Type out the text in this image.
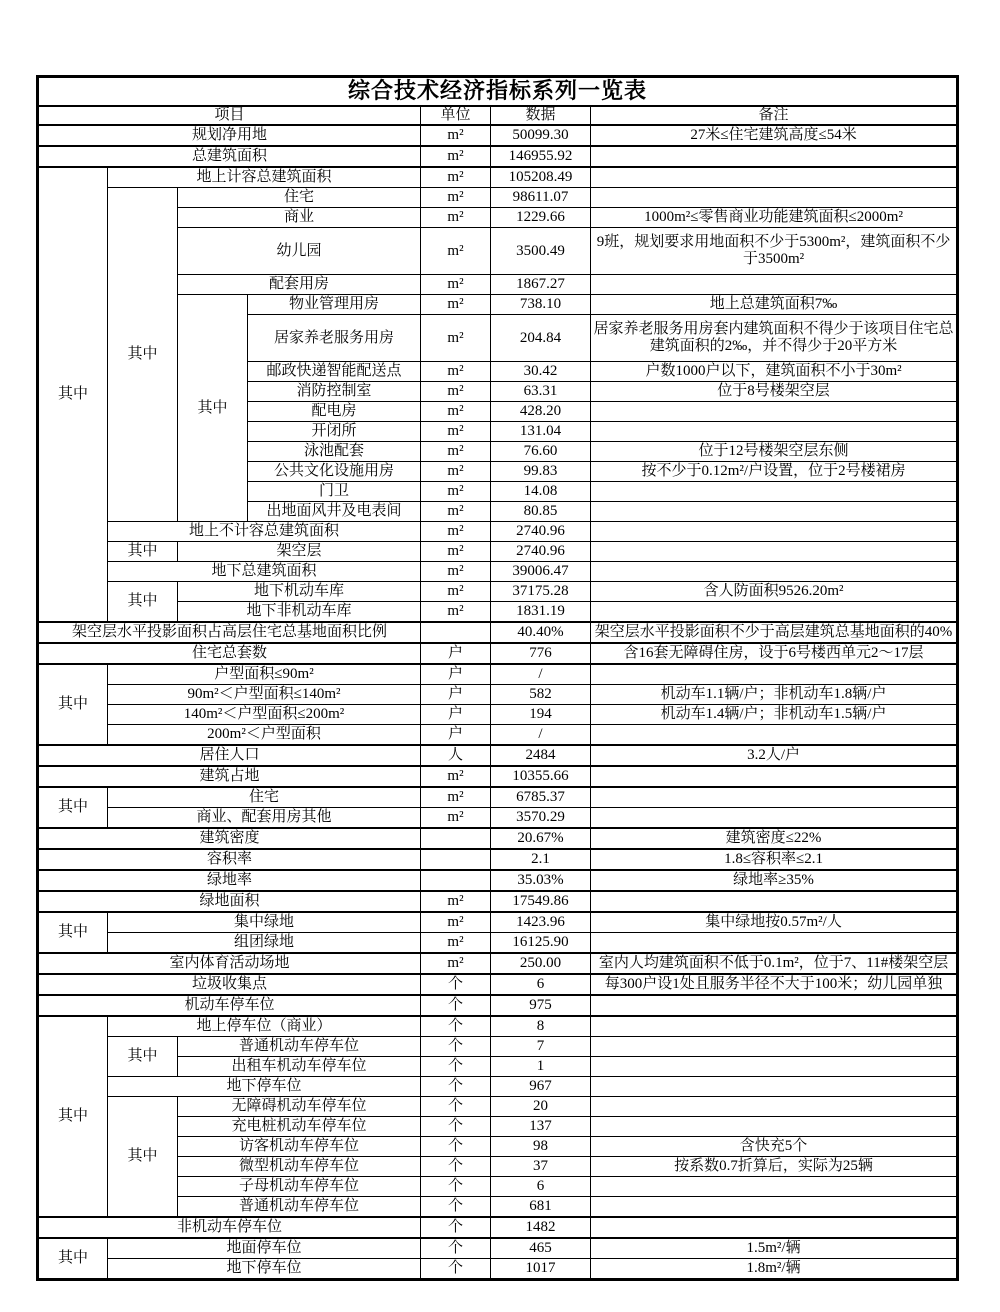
综合技术经济指标系列一览表						
项目				单位	数据	备注
规划净用地				m²	50099.30	27米≤住宅建筑高度≤54米
总建筑面积				m²	146955.92	
其中	地上计容总建筑面积			m²	105208.49	
	其中	住宅		m²	98611.07	
		商业		m²	1229.66	1000m²≤零售商业功能建筑面积≤2000m²
		幼儿园		m²	3500.49	9班，规划要求用地面积不少于5300m²，建筑面积不少于3500m²
		配套用房		m²	1867.27	
		其中	物业管理用房	m²	738.10	地上总建筑面积7‰
			居家养老服务用房	m²	204.84	居家养老服务用房套内建筑面积不得少于该项目住宅总建筑面积的2‰，并不得少于20平方米
			邮政快递智能配送点	m²	30.42	户数1000户以下，建筑面积不小于30m²
			消防控制室	m²	63.31	位于8号楼架空层
			配电房	m²	428.20	
			开闭所	m²	131.04	
			泳池配套	m²	76.60	位于12号楼架空层东侧
			公共文化设施用房	m²	99.83	按不少于0.12m²/户设置，位于2号楼裙房
			门卫	m²	14.08	
			出地面风井及电表间	m²	80.85	
	地上不计容总建筑面积			m²	2740.96	
	其中	架空层		m²	2740.96	
	地下总建筑面积			m²	39006.47	
	其中	地下机动车库		m²	37175.28	含人防面积9526.20m²
		地下非机动车库		m²	1831.19	
架空层水平投影面积占高层住宅总基地面积比例					40.40%	架空层水平投影面积不少于高层建筑总基地面积的40%
住宅总套数				户	776	含16套无障碍住房，设于6号楼西单元2～17层
其中	户型面积≤90m²			户	/	
	90m²＜户型面积≤140m²			户	582	机动车1.1辆/户；非机动车1.8辆/户
	140m²＜户型面积≤200m²			户	194	机动车1.4辆/户；非机动车1.5辆/户
	200m²＜户型面积			户	/	
居住人口				人	2484	3.2人/户
建筑占地				m²	10355.66	
其中	住宅			m²	6785.37	
	商业、配套用房其他			m²	3570.29	
建筑密度					20.67%	建筑密度≤22%
容积率					2.1	1.8≤容积率≤2.1
绿地率					35.03%	绿地率≥35%
绿地面积				m²	17549.86	
其中	集中绿地			m²	1423.96	集中绿地按0.57m²/人
	组团绿地			m²	16125.90	
室内体育活动场地				m²	250.00	室内人均建筑面积不低于0.1m²，位于7、11#楼架空层
垃圾收集点				个	6	每300户设1处且服务半径不大于100米；幼儿园单独
机动车停车位				个	975	
其中	地上停车位（商业）			个	8	
	其中	普通机动车停车位		个	7	
		出租车机动车停车位		个	1	
	地下停车位			个	967	
	其中	无障碍机动车停车位		个	20	
		充电桩机动车停车位		个	137	
		访客机动车停车位		个	98	含快充5个
		微型机动车停车位		个	37	按系数0.7折算后，实际为25辆
		子母机动车停车位		个	6	
		普通机动车停车位		个	681	
非机动车停车位				个	1482	
其中	地面停车位			个	465	1.5m²/辆
	地下停车位			个	1017	1.8m²/辆
